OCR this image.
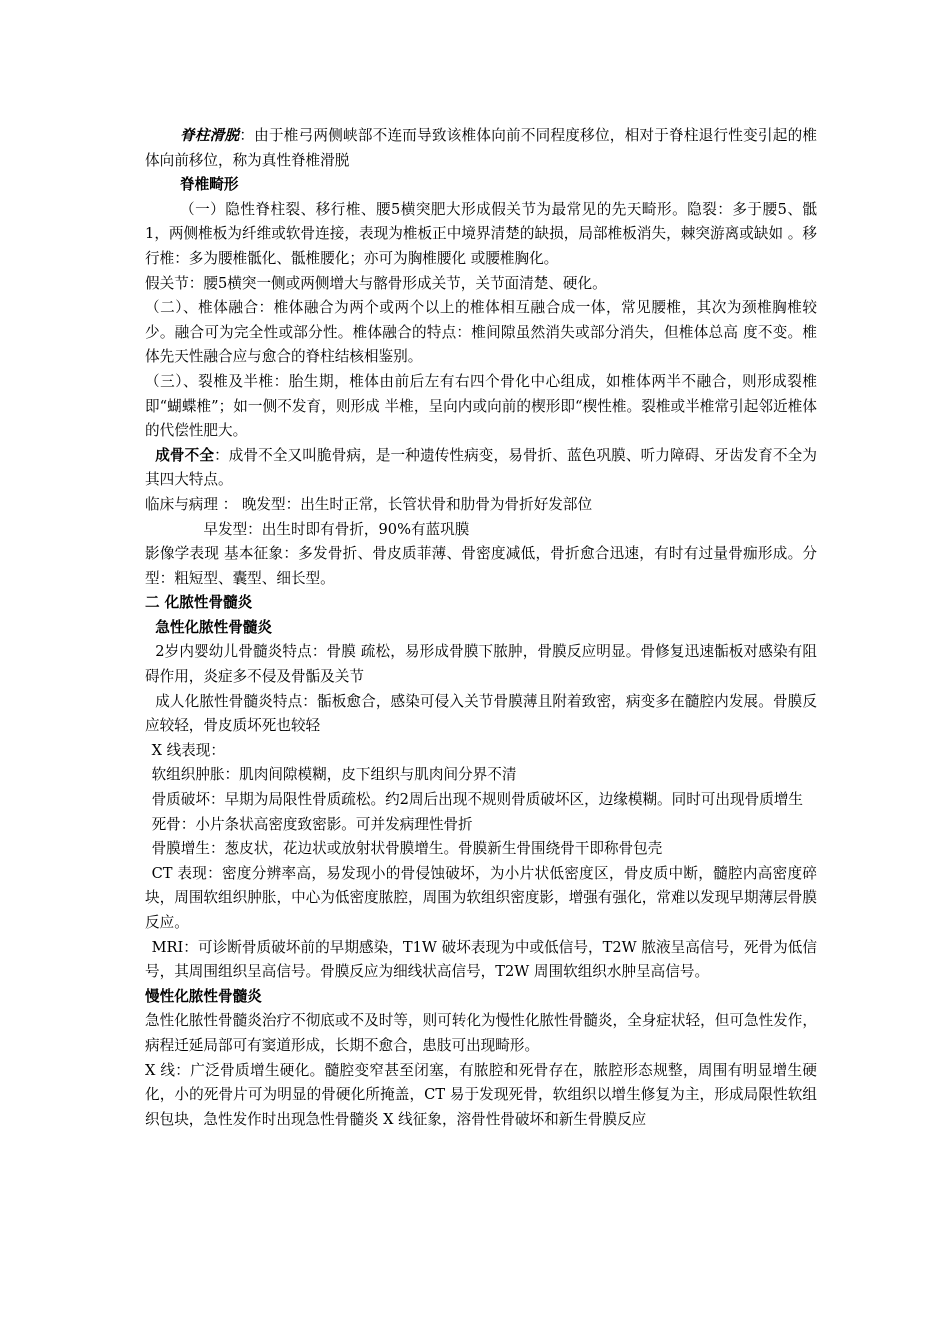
脊柱滑脱：由于椎弓两侧峡部不连而导致该椎体向前不同程度移位，相对于脊柱退行性变引起的椎体向前移位，称为真性脊椎滑脱

脊椎畸形

（一）隐性脊柱裂、移行椎、腰5横突肥大形成假关节为最常见的先天畸形。隐裂：多于腰5、骶1，两侧椎板为纤维或软骨连接，表现为椎板正中境界清楚的缺损，局部椎板消失，棘突游离或缺如 。移行椎：多为腰椎骶化、骶椎腰化；亦可为胸椎腰化 或腰椎胸化。

假关节：腰5横突一侧或两侧增大与髂骨形成关节，关节面清楚、硬化。

（二）、椎体融合：椎体融合为两个或两个以上的椎体相互融合成一体，常见腰椎，其次为颈椎胸椎较少。融合可为完全性或部分性。椎体融合的特点：椎间隙虽然消失或部分消失，但椎体总高 度不变。椎体先天性融合应与愈合的脊柱结核相鉴别。

（三）、裂椎及半椎：胎生期，椎体由前后左有右四个骨化中心组成，如椎体两半不融合，则形成裂椎即“蝴蝶椎”；如一侧不发育，则形成 半椎，呈向内或向前的楔形即“楔性椎。裂椎或半椎常引起邻近椎体的代偿性肥大。

成骨不全：成骨不全又叫脆骨病，是一种遗传性病变，易骨折、蓝色巩膜、听力障碍、牙齿发育不全为其四大特点。

临床与病理 ： 晚发型：出生时正常，长管状骨和肋骨为骨折好发部位

早发型：出生时即有骨折，90%有蓝巩膜

影像学表现 基本征象：多发骨折、骨皮质菲薄、骨密度减低，骨折愈合迅速，有时有过量骨痂形成。分型：粗短型、囊型、细长型。

二 化脓性骨髓炎

急性化脓性骨髓炎

2岁内婴幼儿骨髓炎特点：骨膜 疏松，易形成骨膜下脓肿，骨膜反应明显。骨修复迅速骺板对感染有阻碍作用，炎症多不侵及骨骺及关节

成人化脓性骨髓炎特点：骺板愈合，感染可侵入关节骨膜薄且附着致密，病变多在髓腔内发展。骨膜反应较轻，骨皮质坏死也较轻

X 线表现：

软组织肿胀：肌肉间隙模糊，皮下组织与肌肉间分界不清

骨质破坏：早期为局限性骨质疏松。约2周后出现不规则骨质破坏区，边缘模糊。同时可出现骨质增生

死骨：小片条状高密度致密影。可并发病理性骨折

骨膜增生：葱皮状，花边状或放射状骨膜增生。骨膜新生骨围绕骨干即称骨包壳

CT 表现：密度分辨率高，易发现小的骨侵蚀破坏，为小片状低密度区，骨皮质中断，髓腔内高密度碎块，周围软组织肿胀，中心为低密度脓腔，周围为软组织密度影，增强有强化，常难以发现早期薄层骨膜反应。

MRI：可诊断骨质破坏前的早期感染，T1W 破坏表现为中或低信号，T2W 脓液呈高信号，死骨为低信号，其周围组织呈高信号。骨膜反应为细线状高信号，T2W 周围软组织水肿呈高信号。

慢性化脓性骨髓炎

急性化脓性骨髓炎治疗不彻底或不及时等，则可转化为慢性化脓性骨髓炎，全身症状轻，但可急性发作，病程迁延局部可有窦道形成，长期不愈合，患肢可出现畸形。

X 线：广泛骨质增生硬化。髓腔变窄甚至闭塞，有脓腔和死骨存在，脓腔形态规整，周围有明显增生硬化，小的死骨片可为明显的骨硬化所掩盖，CT 易于发现死骨，软组织以增生修复为主，形成局限性软组织包块，急性发作时出现急性骨髓炎 X 线征象，溶骨性骨破坏和新生骨膜反应
